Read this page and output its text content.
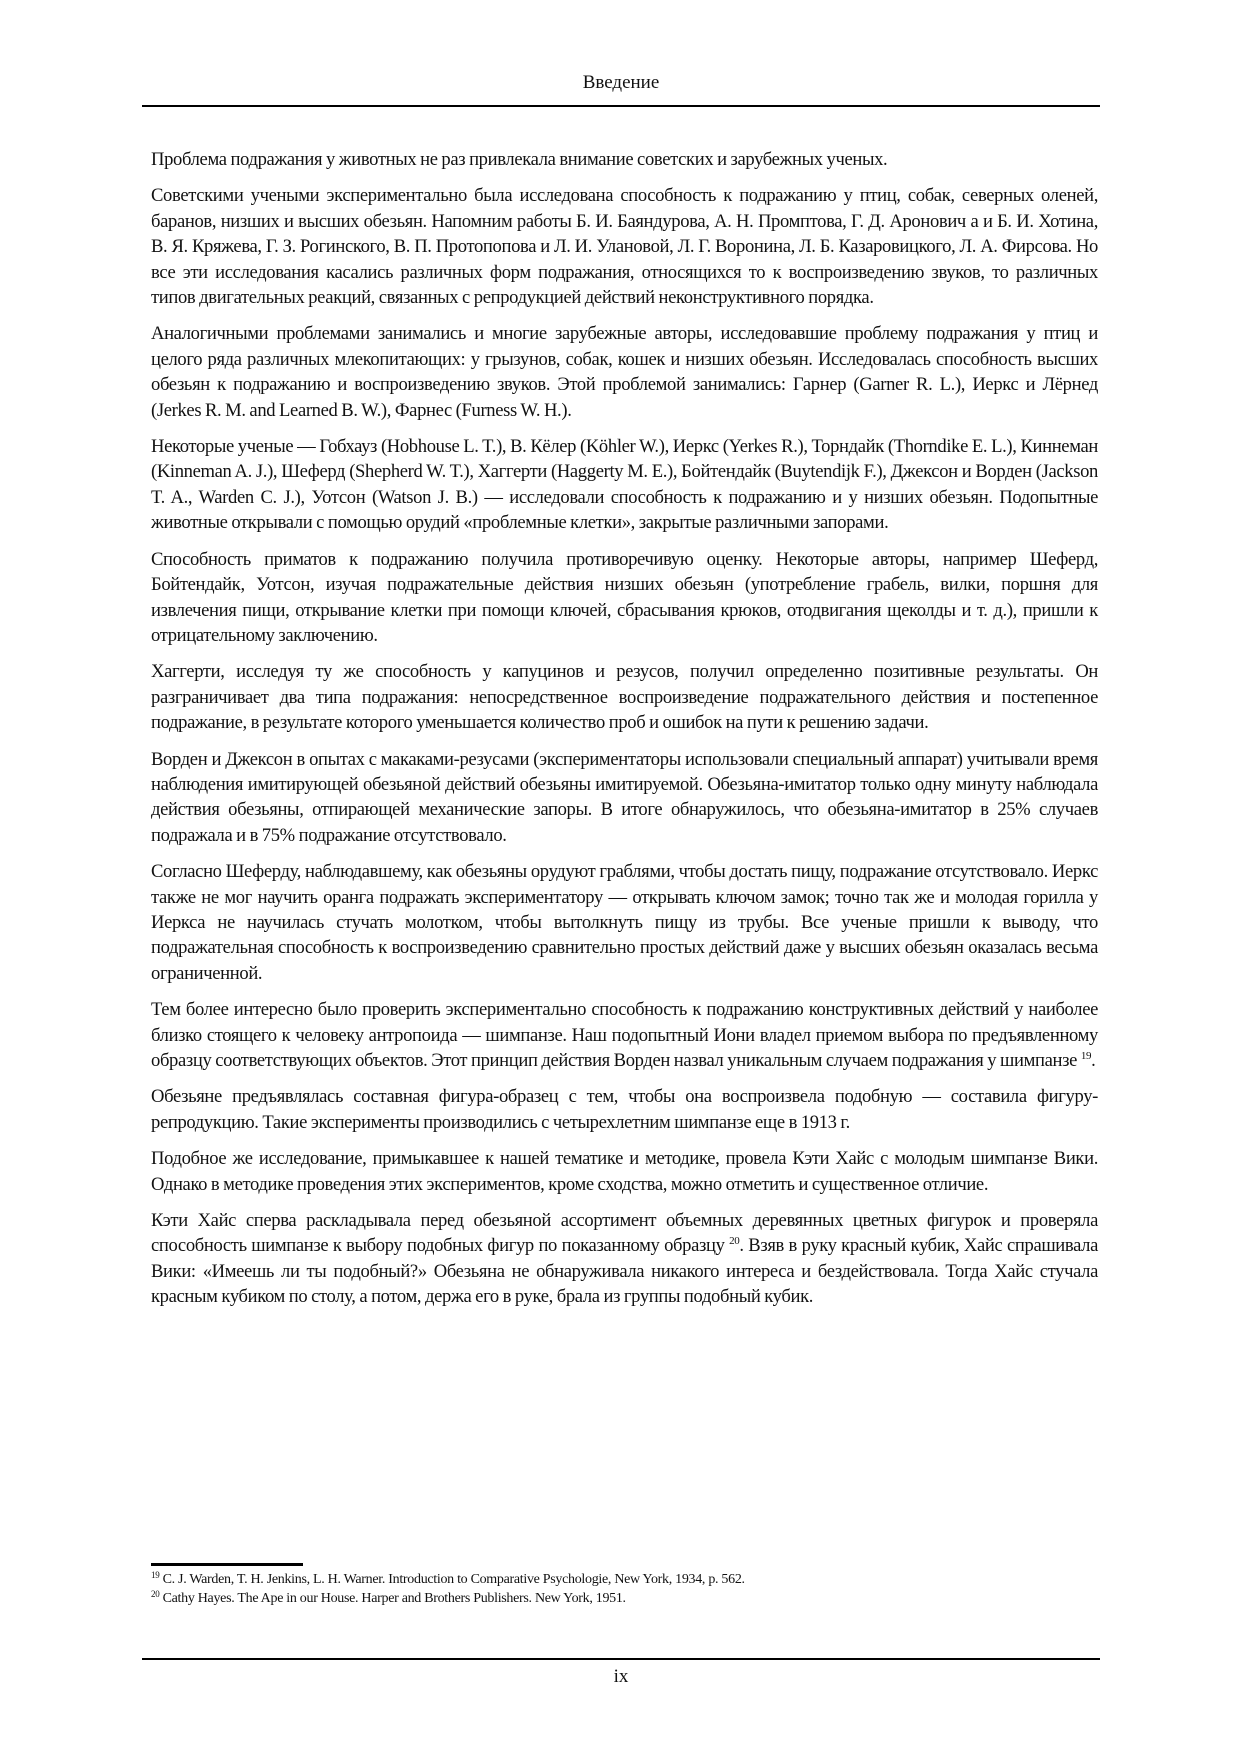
Введение

Проблема подражания у животных не раз привлекала внимание советских и зарубежных ученых.

Советскими учеными экспериментально была исследована способность к подражанию у птиц, собак, северных оленей, баранов, низших и высших обезьян. Напомним работы Б. И. Баяндурова, А. Н. Промптова, Г. Д. Аронович а и Б. И. Хотина, В. Я. Кряжева, Г. З. Рогинского, В. П. Протопопова и Л. И. Улановой, Л. Г. Воронина, Л. Б. Казаровицкого, Л. А. Фирсова. Но все эти исследования касались различных форм подражания, относящихся то к воспроизведению звуков, то различных типов двигательных реакций, связанных с репродукцией действий неконструктивного порядка.

Аналогичными проблемами занимались и многие зарубежные авторы, исследовавшие проблему подражания у птиц и целого ряда различных млекопитающих: у грызунов, собак, кошек и низших обезьян. Исследовалась способность высших обезьян к подражанию и воспроизведению звуков. Этой проблемой занимались: Гарнер (Garner R. L.), Иеркс и Лёрнед (Jerkes R. M. and Learned B. W.), Фарнес (Furness W. H.).

Некоторые ученые — Гобхауз (Hobhouse L. T.), В. Кёлер (Köhler W.), Иеркс (Yerkes R.), Торндайк (Thorndike E. L.), Киннеман (Kinneman A. J.), Шеферд (Shepherd W. T.), Хаггерти (Haggerty M. E.), Бойтендайк (Buytendijk F.), Джексон и Ворден (Jackson T. A., Warden C. J.), Уотсон (Watson J. B.) — исследовали способность к подражанию и у низших обезьян. Подопытные животные открывали с помощью орудий «проблемные клетки», закрытые различными запорами.

Способность приматов к подражанию получила противоречивую оценку. Некоторые авторы, например Шеферд, Бойтендайк, Уотсон, изучая подражательные действия низших обезьян (употребление грабель, вилки, поршня для извлечения пищи, открывание клетки при помощи ключей, сбрасывания крюков, отодвигания щеколды и т. д.), пришли к отрицательному заключению.

Хаггерти, исследуя ту же способность у капуцинов и резусов, получил определенно позитивные результаты. Он разграничивает два типа подражания: непосредственное воспроизведение подражательного действия и постепенное подражание, в результате которого уменьшается количество проб и ошибок на пути к решению задачи.

Ворден и Джексон в опытах с макаками-резусами (экспериментаторы использовали специальный аппарат) учитывали время наблюдения имитирующей обезьяной действий обезьяны имитируемой. Обезьяна-имитатор только одну минуту наблюдала действия обезьяны, отпирающей механические запоры. В итоге обнаружилось, что обезьяна-имитатор в 25% случаев подражала и в 75% подражание отсутствовало.

Согласно Шеферду, наблюдавшему, как обезьяны орудуют граблями, чтобы достать пищу, подражание отсутствовало. Иеркс также не мог научить оранга подражать экспериментатору — открывать ключом замок; точно так же и молодая горилла у Иеркса не научилась стучать молотком, чтобы вытолкнуть пищу из трубы. Все ученые пришли к выводу, что подражательная способность к воспроизведению сравнительно простых действий даже у высших обезьян оказалась весьма ограниченной.

Тем более интересно было проверить экспериментально способность к подражанию конструктивных действий у наиболее близко стоящего к человеку антропоида — шимпанзе. Наш подопытный Иони владел приемом выбора по предъявленному образцу соответствующих объектов. Этот принцип действия Ворден назвал уникальным случаем подражания у шимпанзе $^{19}$.

Обезьяне предъявлялась составная фигура-образец с тем, чтобы она воспроизвела подобную — составила фигуру-репродукцию. Такие эксперименты производились с четырехлетним шимпанзе еще в 1913 г.

Подобное же исследование, примыкавшее к нашей тематике и методике, провела Кэти Хайс с молодым шимпанзе Вики. Однако в методике проведения этих экспериментов, кроме сходства, можно отметить и существенное отличие.

Кэти Хайс сперва раскладывала перед обезьяной ассортимент объемных деревянных цветных фигурок и проверяла способность шимпанзе к выбору подобных фигур по показанному образцу $^{20}$. Взяв в руку красный кубик, Хайс спрашивала Вики: «Имеешь ли ты подобный?» Обезьяна не обнаруживала никакого интереса и бездействовала. Тогда Хайс стучала красным кубиком по столу, а потом, держа его в руке, брала из группы подобный кубик.

$^{19}$ C. J. Warden, T. H. Jenkins, L. H. Warner. Introduction to Comparative Psychologie, New York, 1934, p. 562.
$^{20}$ Cathy Hayes. The Ape in our House. Harper and Brothers Publishers. New York, 1951.
ix
